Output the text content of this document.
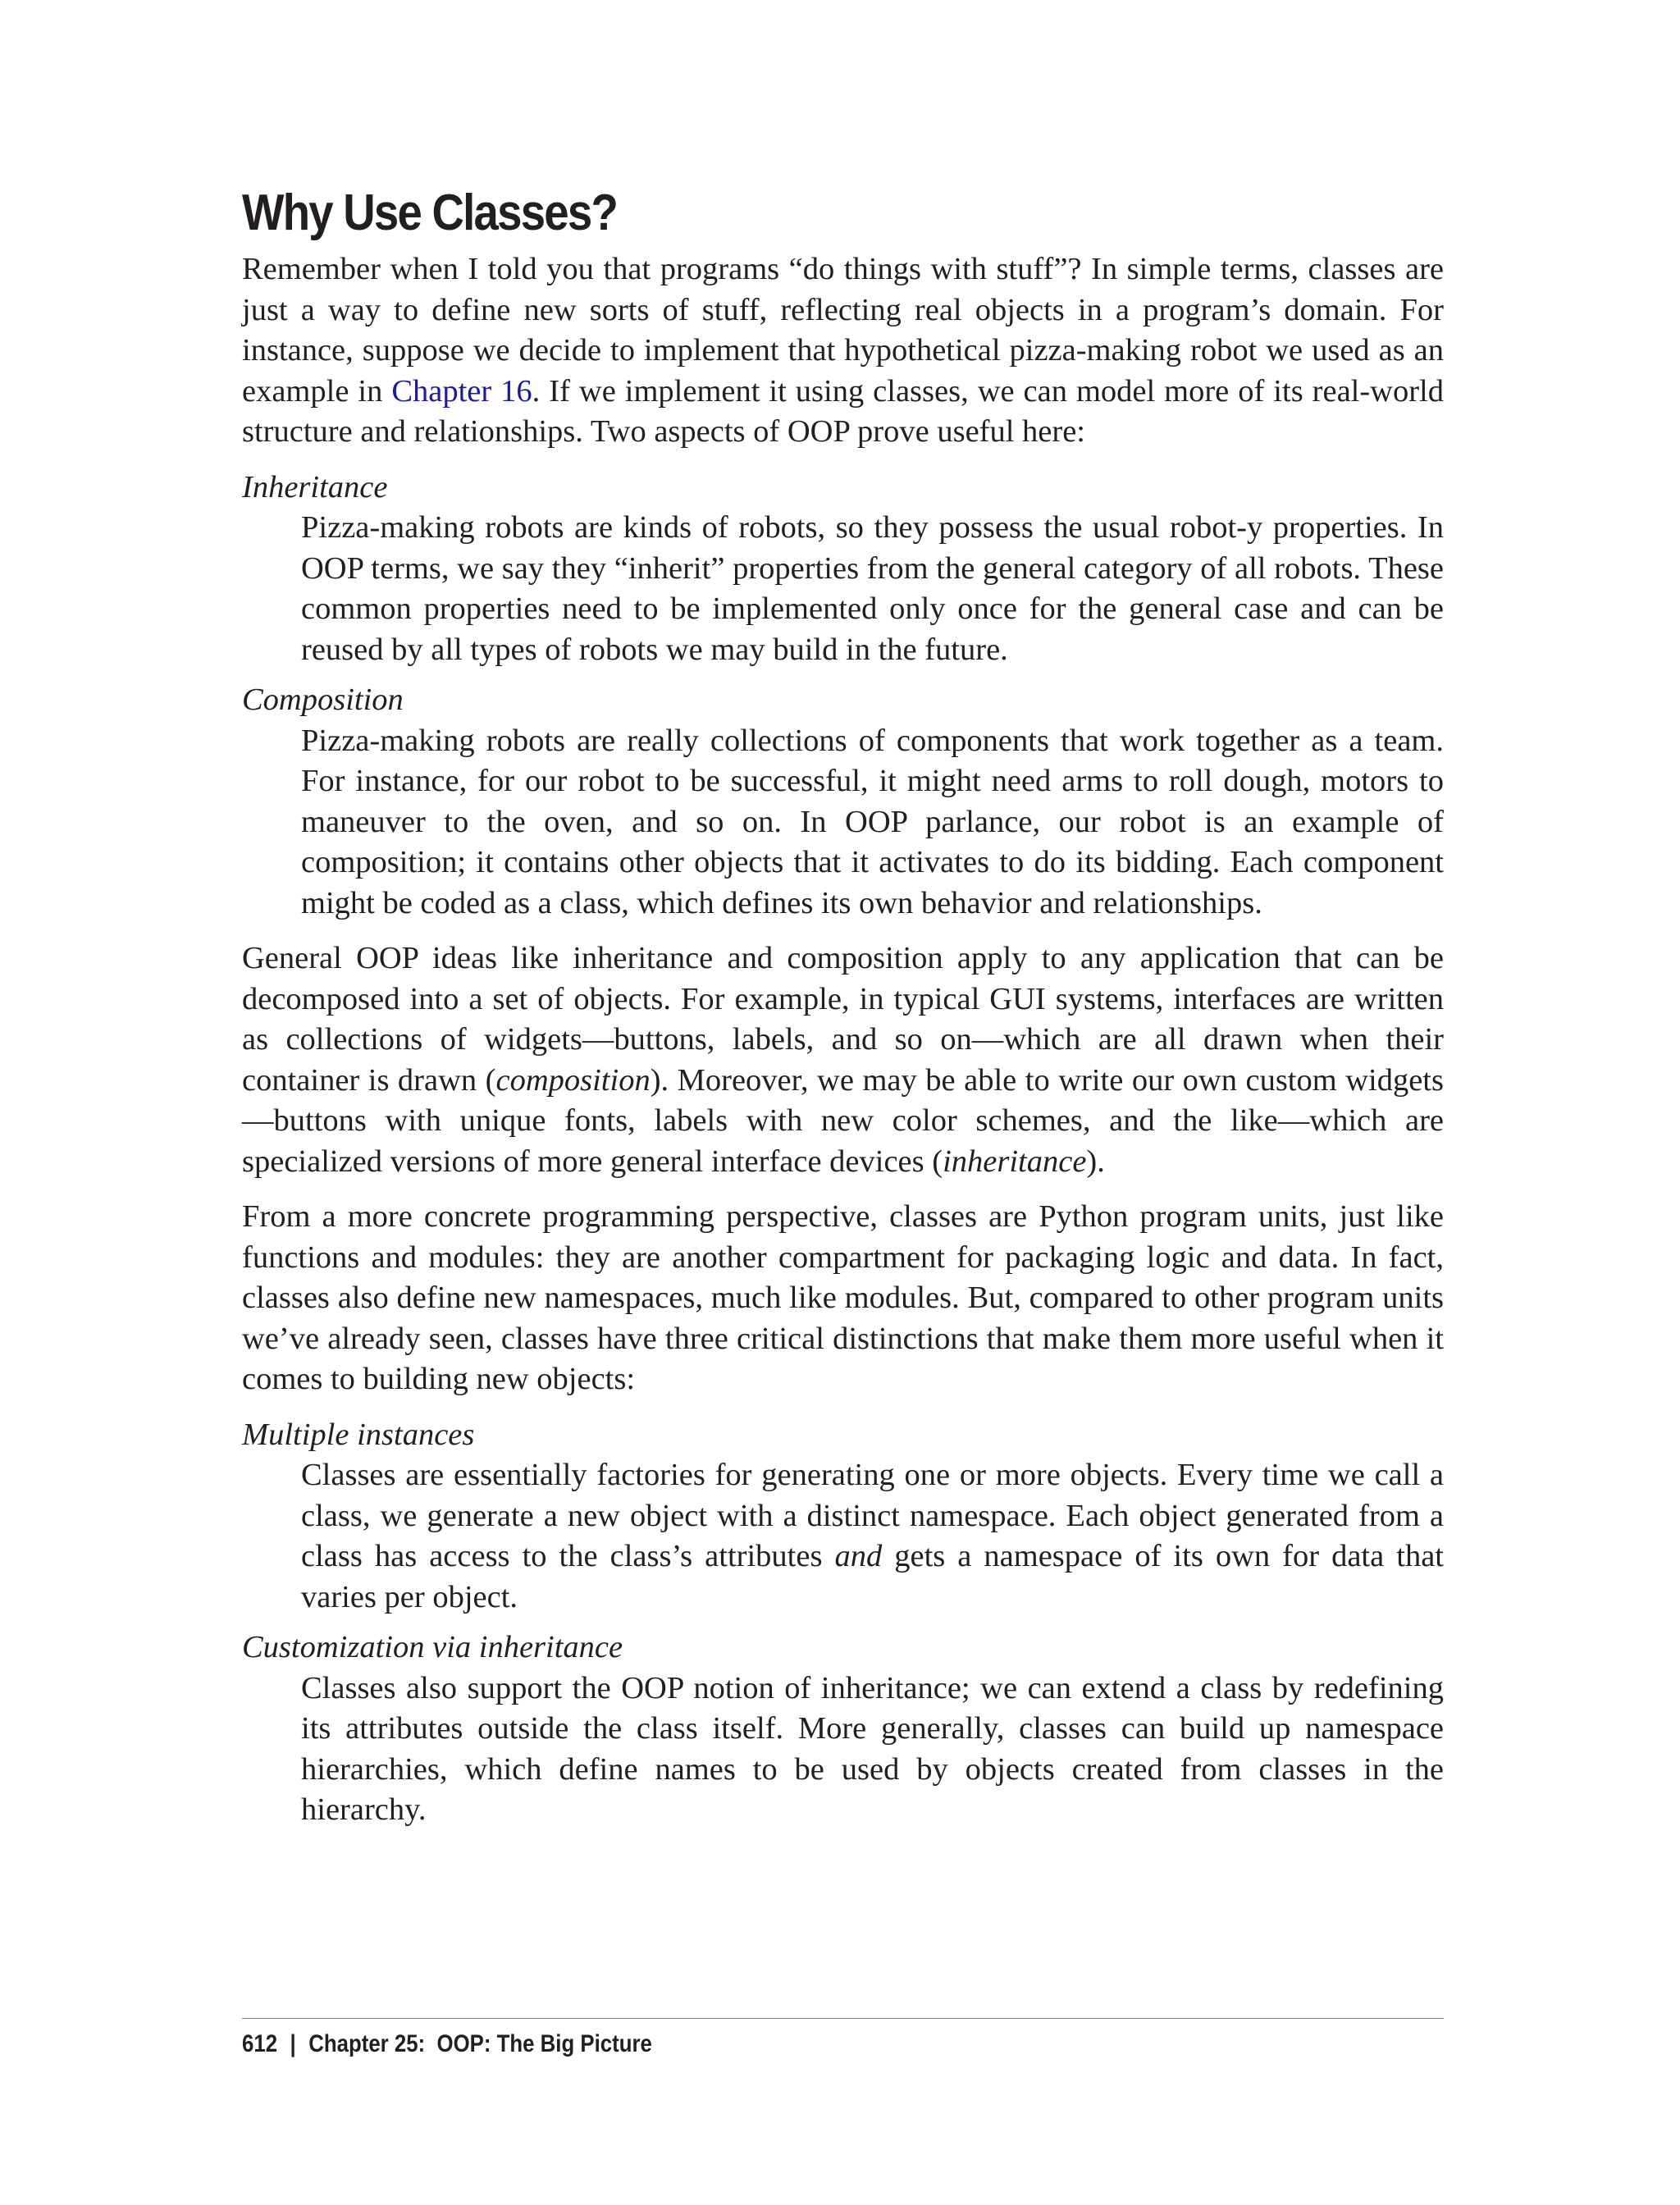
Why Use Classes?

Remember when I told you that programs “do things with stuff”? In simple terms, classes are just a way to define new sorts of stuff, reflecting real objects in a program’s domain. For instance, suppose we decide to implement that hypothetical pizza-making robot we used as an example in Chapter 16. If we implement it using classes, we can model more of its real-world structure and relationships. Two aspects of OOP prove useful here:

Inheritance
Pizza-making robots are kinds of robots, so they possess the usual robot-y properties. In OOP terms, we say they “inherit” properties from the general category of all robots. These common properties need to be implemented only once for the general case and can be reused by all types of robots we may build in the future.
Composition
Pizza-making robots are really collections of components that work together as a team. For instance, for our robot to be successful, it might need arms to roll dough, motors to maneuver to the oven, and so on. In OOP parlance, our robot is an example of composition; it contains other objects that it activates to do its bidding. Each component might be coded as a class, which defines its own behavior and relationships.

General OOP ideas like inheritance and composition apply to any application that can be decomposed into a set of objects. For example, in typical GUI systems, interfaces are written as collections of widgets—buttons, labels, and so on—which are all drawn when their container is drawn (composition). Moreover, we may be able to write our own custom widgets—buttons with unique fonts, labels with new color schemes, and the like—which are specialized versions of more general interface devices (inheritance).

From a more concrete programming perspective, classes are Python program units, just like functions and modules: they are another compartment for packaging logic and data. In fact, classes also define new namespaces, much like modules. But, compared to other program units we’ve already seen, classes have three critical distinctions that make them more useful when it comes to building new objects:

Multiple instances
Classes are essentially factories for generating one or more objects. Every time we call a class, we generate a new object with a distinct namespace. Each object generated from a class has access to the class’s attributes and gets a namespace of its own for data that varies per object.
Customization via inheritance
Classes also support the OOP notion of inheritance; we can extend a class by redefining its attributes outside the class itself. More generally, classes can build up namespace hierarchies, which define names to be used by objects created from classes in the hierarchy.
612 | Chapter 25: OOP: The Big Picture
